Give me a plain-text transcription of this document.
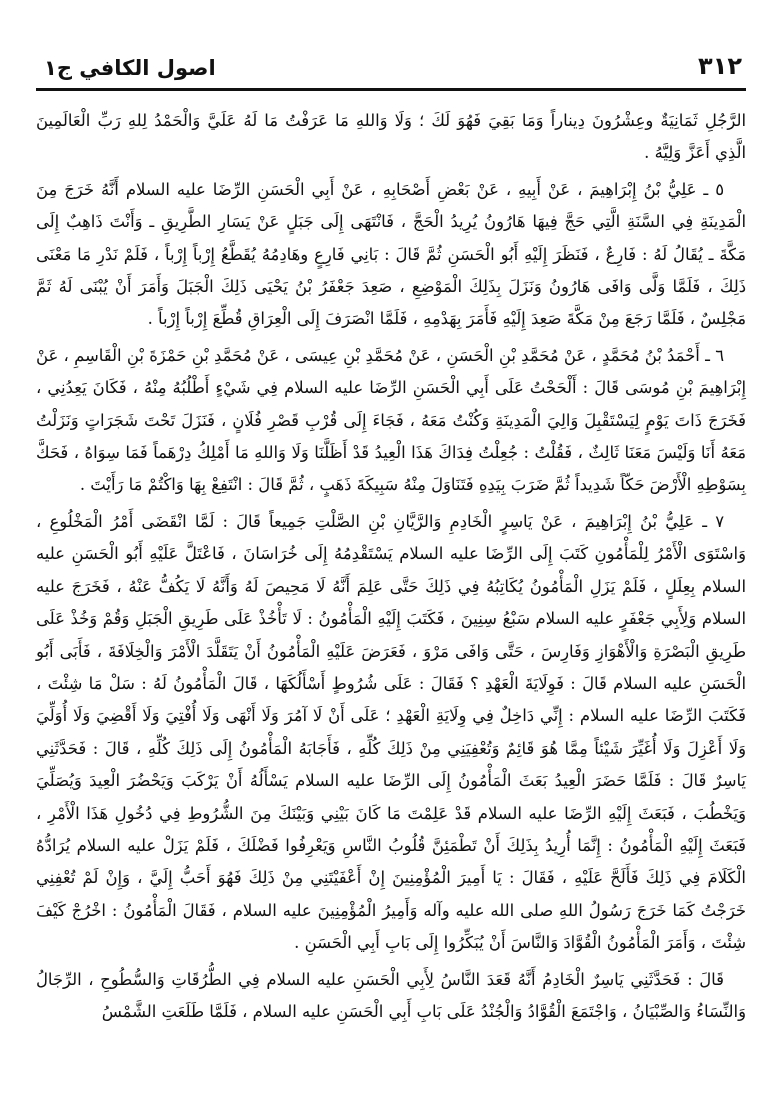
٣١٢
اصول الكافي ج۱

الرَّجُلِ ثَمَانِيَةٌ وعِشْرُونَ دِيناراً وَمَا بَقِيَ فَهُوَ لَكَ ؛ وَلَا وَاللهِ مَا عَرَفْتُ مَا لَهُ عَلَيَّ وَالْحَمْدُ لِلهِ رَبِّ الْعَالَمِينَ الَّذِي أَعَزَّ وَلِيَّهُ .

٥ ـ عَلِيُّ بْنُ إِبْرَاهِيمَ ، عَنْ أَبِيهِ ، عَنْ بَعْضِ أَصْحَابِهِ ، عَنْ أَبِي الْحَسَنِ الرِّضَا عليه السلام أَنَّهُ خَرَجَ مِنَ الْمَدِينَةِ فِي السَّنَةِ الَّتِي حَجَّ فِيهَا هَارُونُ يُرِيدُ الْحَجَّ ، فَانْتَهَى إِلَى جَبَلٍ عَنْ يَسَارِ الطَّرِيقِ ـ وَأَنْتَ ذَاهِبٌ إِلَى مَكَّةَ ـ يُقَالُ لَهُ : فَارِعٌ ، فَنَظَرَ إِلَيْهِ أَبُو الْحَسَنِ ثُمَّ قَالَ : بَانِي فَارِعٍ وهَادِمُهُ يُقَطَّعُ إِرْباً إِرْباً ، فَلَمْ نَدْرِ مَا مَعْنَى ذَلِكَ ، فَلَمَّا وَلَّى وَافَى هَارُونُ وَنَزَلَ بِذَلِكَ الْمَوْضِعِ ، صَعِدَ جَعْفَرُ بْنُ يَحْيَى ذَلِكَ الْجَبَلَ وَأَمَرَ أَنْ يُبْنَى لَهُ ثَمَّ مَجْلِسٌ ، فَلَمَّا رَجَعَ مِنْ مَكَّةَ صَعِدَ إِلَيْهِ فَأَمَرَ بِهَدْمِهِ ، فَلَمَّا انْصَرَفَ إِلَى الْعِرَاقِ قُطِّعَ إِرْباً إِرْباً .

٦ ـ أَحْمَدُ بْنُ مُحَمَّدٍ ، عَنْ مُحَمَّدِ بْنِ الْحَسَنِ ، عَنْ مُحَمَّدِ بْنِ عِيسَى ، عَنْ مُحَمَّدِ بْنِ حَمْزَةَ بْنِ الْقَاسِمِ ، عَنْ إِبْرَاهِيمَ بْنِ مُوسَى قَالَ : أَلْحَحْتُ عَلَى أَبِي الْحَسَنِ الرِّضَا عليه السلام فِي شَيْءٍ أَطْلُبُهُ مِنْهُ ، فَكَانَ يَعِدُنِي ، فَخَرَجَ ذَاتَ يَوْمٍ لِيَسْتَقْبِلَ وَالِيَ الْمَدِينَةِ وَكُنْتُ مَعَهُ ، فَجَاءَ إِلَى قُرْبِ قَصْرِ فُلَانٍ ، فَنَزَلَ تَحْتَ شَجَرَاتٍ وَنَزَلْتُ مَعَهُ أَنَا وَلَيْسَ مَعَنَا ثَالِثٌ ، فَقُلْتُ : جُعِلْتُ فِدَاكَ هَذَا الْعِيدُ قَدْ أَظَلَّنَا وَلَا وَاللهِ مَا أَمْلِكُ دِرْهَماً فَمَا سِوَاهُ ، فَحَكَّ بِسَوْطِهِ الْأَرْضَ حَكّاً شَدِيداً ثُمَّ ضَرَبَ بِيَدِهِ فَتَنَاوَلَ مِنْهُ سَبِيكَةَ ذَهَبٍ ، ثُمَّ قَالَ : انْتَفِعْ بِهَا وَاكْتُمْ مَا رَأَيْتَ .

٧ ـ عَلِيُّ بْنُ إِبْرَاهِيمَ ، عَنْ يَاسِرٍ الْخَادِمِ وَالرَّيَّانِ بْنِ الصَّلْتِ جَمِيعاً قَالَ : لَمَّا انْقَضَى أَمْرُ الْمَخْلُوعِ ، وَاسْتَوَى الْأَمْرُ لِلْمَأْمُونِ كَتَبَ إِلَى الرِّضَا عليه السلام يَسْتَقْدِمُهُ إِلَى خُرَاسَانَ ، فَاعْتَلَّ عَلَيْهِ أَبُو الْحَسَنِ عليه السلام بِعِلَلٍ ، فَلَمْ يَزَلِ الْمَأْمُونُ يُكَاتِبُهُ فِي ذَلِكَ حَتَّى عَلِمَ أَنَّهُ لَا مَحِيصَ لَهُ وَأَنَّهُ لَا يَكُفُّ عَنْهُ ، فَخَرَجَ عليه السلام وَلِأَبِي جَعْفَرٍ عليه السلام سَبْعُ سِنِينَ ، فَكَتَبَ إِلَيْهِ الْمَأْمُونُ : لَا تَأْخُذْ عَلَى طَرِيقِ الْجَبَلِ وَقُمْ وَخُذْ عَلَى طَرِيقِ الْبَصْرَةِ وَالْأَهْوَازِ وَفَارِسَ ، حَتَّى وَافَى مَرْوَ ، فَعَرَضَ عَلَيْهِ الْمَأْمُونُ أَنْ يَتَقَلَّدَ الْأَمْرَ وَالْخِلَافَةَ ، فَأَبَى أَبُو الْحَسَنِ عليه السلام قَالَ : فَوِلَايَةَ الْعَهْدِ ؟ فَقَالَ : عَلَى شُرُوطٍ أَسْأَلُكَهَا ، قَالَ الْمَأْمُونُ لَهُ : سَلْ مَا شِئْتَ ، فَكَتَبَ الرِّضَا عليه السلام : إِنِّي دَاخِلٌ فِي وِلَايَةِ الْعَهْدِ ؛ عَلَى أَنْ لَا آمُرَ وَلَا أَنْهَى وَلَا أُفْتِيَ وَلَا أَقْضِيَ وَلَا أُوَلِّيَ وَلَا أَعْزِلَ وَلَا أُغَيِّرَ شَيْئاً مِمَّا هُوَ قَائِمٌ وَتُعْفِيَنِي مِنْ ذَلِكَ كُلِّهِ ، فَأَجَابَهُ الْمَأْمُونُ إِلَى ذَلِكَ كُلِّهِ ، قَالَ : فَحَدَّثَنِي يَاسِرٌ قَالَ : فَلَمَّا حَضَرَ الْعِيدُ بَعَثَ الْمَأْمُونُ إِلَى الرِّضَا عليه السلام يَسْأَلُهُ أَنْ يَرْكَبَ وَيَحْضُرَ الْعِيدَ وَيُصَلِّيَ وَيَخْطُبَ ، فَبَعَثَ إِلَيْهِ الرِّضَا عليه السلام قَدْ عَلِمْتَ مَا كَانَ بَيْنِي وَبَيْنَكَ مِنَ الشُّرُوطِ فِي دُخُولِ هَذَا الْأَمْرِ ، فَبَعَثَ إِلَيْهِ الْمَأْمُونُ : إِنَّمَا أُرِيدُ بِذَلِكَ أَنْ تَطْمَئِنَّ قُلُوبُ النَّاسِ وَيَعْرِفُوا فَضْلَكَ ، فَلَمْ يَزَلْ عليه السلام يُرَادُّهُ الْكَلَامَ فِي ذَلِكَ فَأَلَحَّ عَلَيْهِ ، فَقَالَ : يَا أَمِيرَ الْمُؤْمِنِينَ إِنْ أَعْفَيْتَنِي مِنْ ذَلِكَ فَهُوَ أَحَبُّ إِلَيَّ ، وَإِنْ لَمْ تُعْفِنِي خَرَجْتُ كَمَا خَرَجَ رَسُولُ اللهِ صلى الله عليه وآله وَأَمِيرُ الْمُؤْمِنِينَ عليه السلام ، فَقَالَ الْمَأْمُونُ : اخْرُجْ كَيْفَ شِئْتَ ، وَأَمَرَ الْمَأْمُونُ الْقُوَّادَ وَالنَّاسَ أَنْ يُبَكِّرُوا إِلَى بَابِ أَبِي الْحَسَنِ .

قَالَ : فَحَدَّثَنِي يَاسِرٌ الْخَادِمُ أَنَّهُ قَعَدَ النَّاسُ لِأَبِي الْحَسَنِ عليه السلام فِي الطُّرُقَاتِ وَالسُّطُوحِ ، الرِّجَالُ وَالنِّسَاءُ وَالصِّبْيَانُ ، وَاجْتَمَعَ الْقُوَّادُ وَالْجُنْدُ عَلَى بَابِ أَبِي الْحَسَنِ عليه السلام ، فَلَمَّا طَلَعَتِ الشَّمْسُ
